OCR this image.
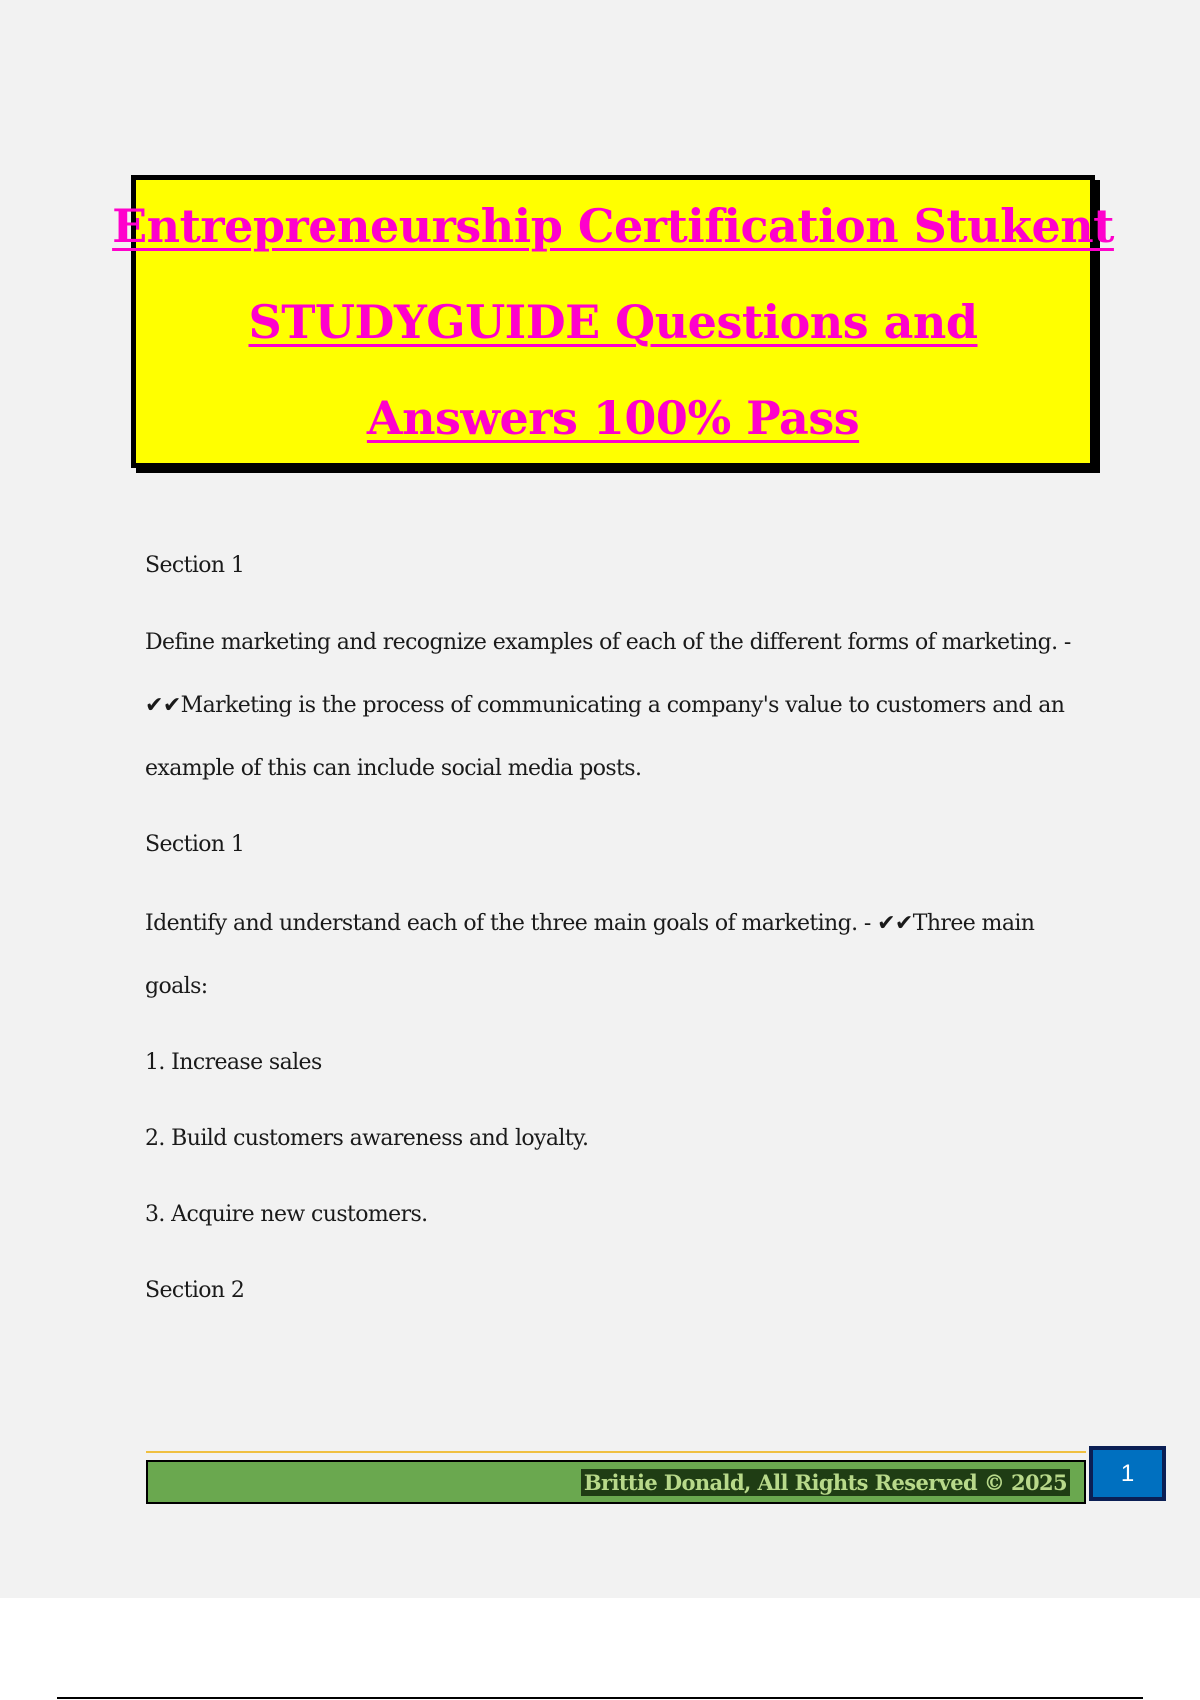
Entrepreneurship Certification Stukent
STUDYGUIDE Questions and
Answers 100% Pass
Section 1
Define marketing and recognize examples of each of the different forms of marketing. -
✔✔Marketing is the process of communicating a company's value to customers and an
example of this can include social media posts.
Section 1
Identify and understand each of the three main goals of marketing. - ✔✔Three main
goals:
1. Increase sales
2. Build customers awareness and loyalty.
3. Acquire new customers.
Section 2
Brittie Donald, All Rights Reserved © 2025 1
